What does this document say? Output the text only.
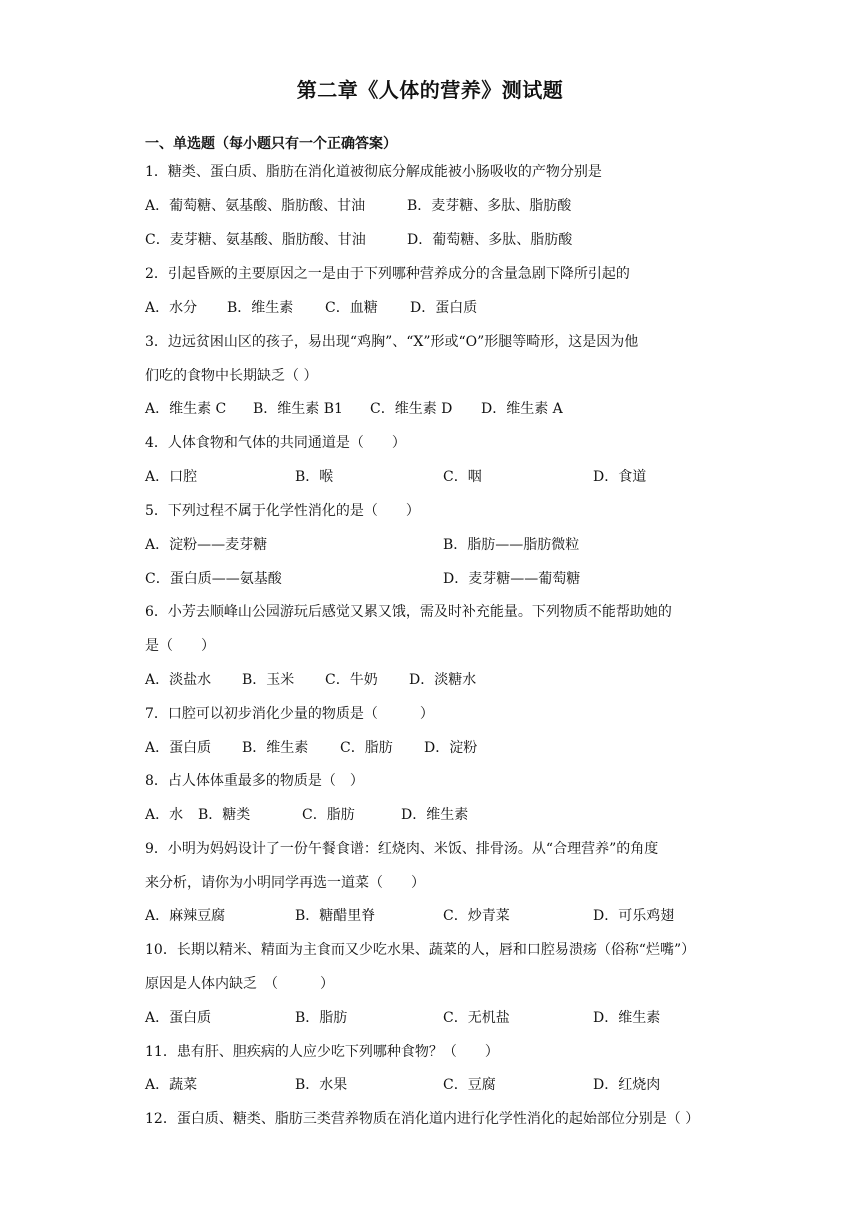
第二章《人体的营养》测试题
一、单选题（每小题只有一个正确答案）
1．糖类、蛋白质、脂肪在消化道被彻底分解成能被小肠吸收的产物分别是
A．葡萄糖、氨基酸、脂肪酸、甘油	B．麦芽糖、多肽、脂肪酸
C．麦芽糖、氨基酸、脂肪酸、甘油	D．葡萄糖、多肽、脂肪酸
2．引起昏厥的主要原因之一是由于下列哪种营养成分的含量急剧下降所引起的
A．水分 B．维生素 C．血糖 D．蛋白质
3．边远贫困山区的孩子，易出现“鸡胸”、“X”形或“O”形腿等畸形，这是因为他
们吃的食物中长期缺乏（ ）
A．维生素 C B．维生素 B1 C．维生素 D D．维生素 A
4．人体食物和气体的共同通道是（　　）
A．口腔	B．喉	C．咽	D．食道
5．下列过程不属于化学性消化的是（　　）
A．淀粉——麦芽糖	B．脂肪——脂肪微粒
C．蛋白质——氨基酸	D．麦芽糖——葡萄糖
6．小芳去顺峰山公园游玩后感觉又累又饿，需及时补充能量。下列物质不能帮助她的
是（　　）
A．淡盐水 B．玉米 C．牛奶 D．淡糖水
7．口腔可以初步消化少量的物质是（　　　）
A．蛋白质 B．维生素 C．脂肪 D．淀粉
8．占人体体重最多的物质是（　）
A．水 B．糖类	C．脂肪	D．维生素
9．小明为妈妈设计了一份午餐食谱：红烧肉、米饭、排骨汤。从“合理营养”的角度
来分析，请你为小明同学再选一道菜（　　）
A．麻辣豆腐	B．糖醋里脊	C．炒青菜	D．可乐鸡翅
10．长期以精米、精面为主食而又少吃水果、蔬菜的人，唇和口腔易溃疡（俗称“烂嘴”）
原因是人体内缺乏　（　　　）
A．蛋白质	B．脂肪	C．无机盐	D．维生素
11．患有肝、胆疾病的人应少吃下列哪种食物？（　　）
A．蔬菜	B．水果	C．豆腐	D．红烧肉
12．蛋白质、糖类、脂肪三类营养物质在消化道内进行化学性消化的起始部位分别是（ ）
